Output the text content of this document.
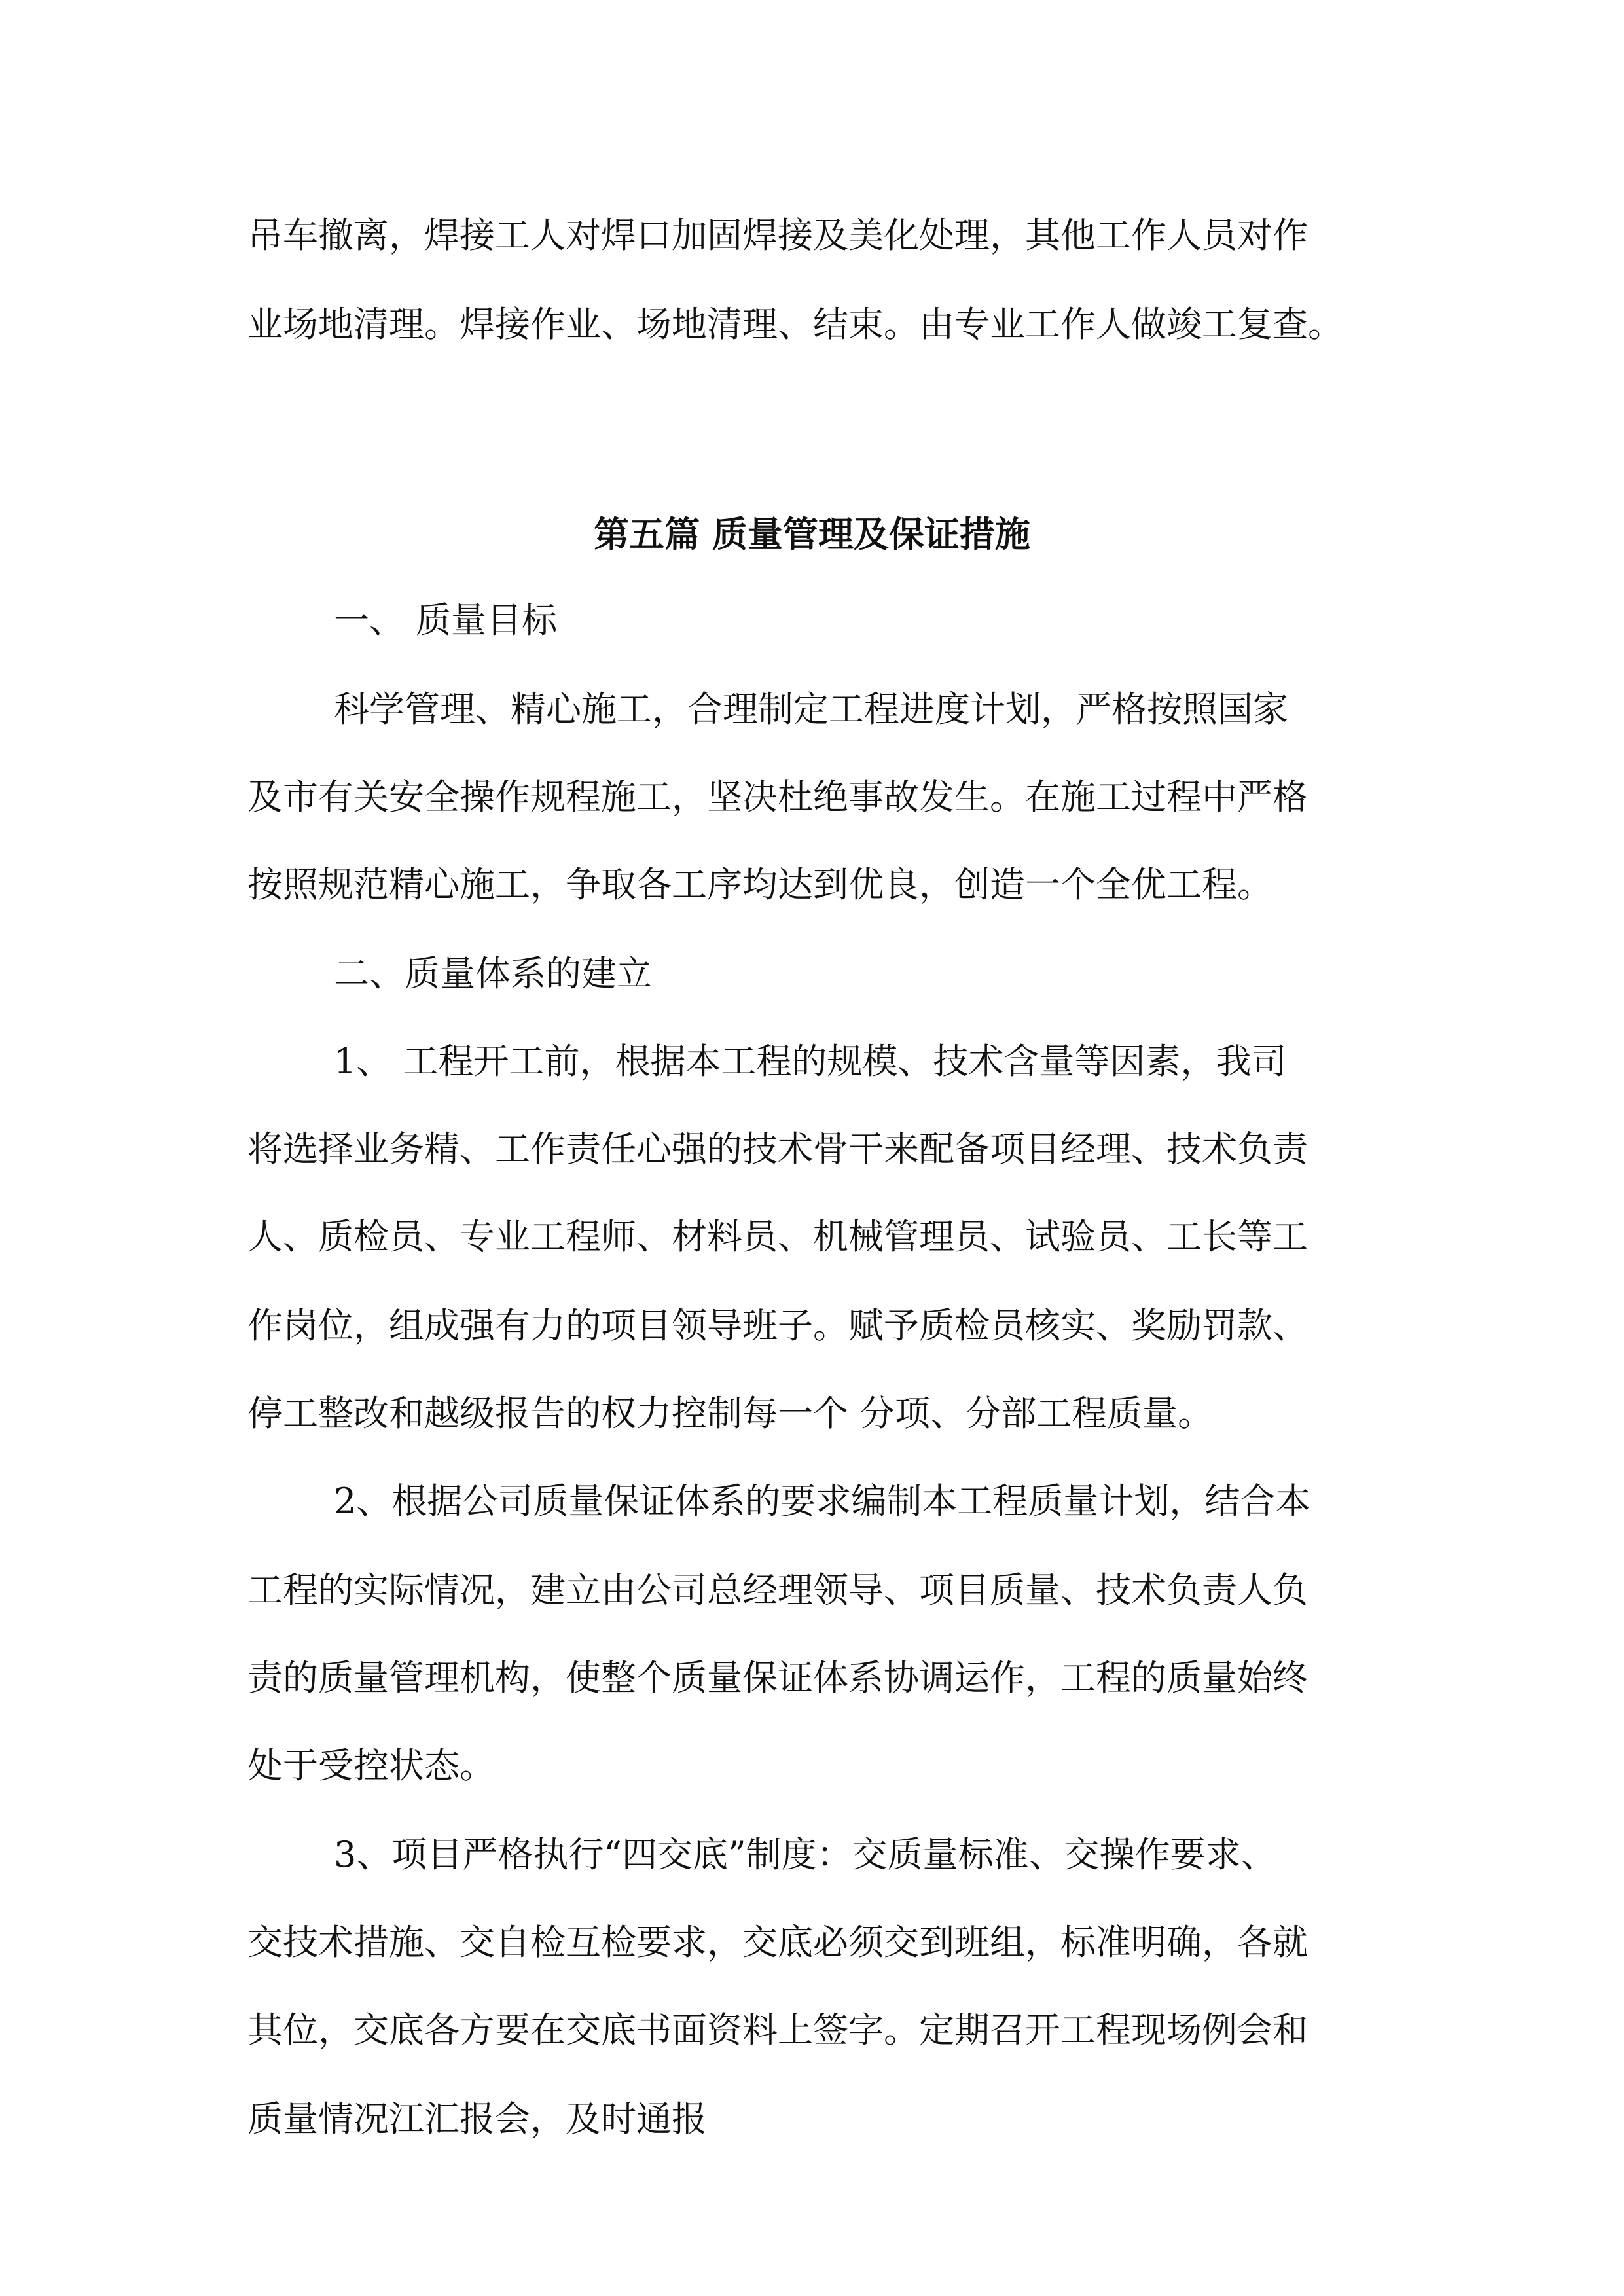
吊车撤离，焊接工人对焊口加固焊接及美化处理，其他工作人员对作
业场地清理。焊接作业、场地清理、结束。由专业工作人做竣工复查。
第五篇 质量管理及保证措施
一、 质量目标
科学管理、精心施工，合理制定工程进度计划，严格按照国家
及市有关安全操作规程施工，坚决杜绝事故发生。在施工过程中严格
按照规范精心施工，争取各工序均达到优良，创造一个全优工程。
二、质量体系的建立
1、 工程开工前，根据本工程的规模、技术含量等因素，我司
将选择业务精、工作责任心强的技术骨干来配备项目经理、技术负责
人、质检员、专业工程师、材料员、机械管理员、试验员、工长等工
作岗位，组成强有力的项目领导班子。赋予质检员核实、奖励罚款、
停工整改和越级报告的权力控制每一个 分项、分部工程质量。
2、根据公司质量保证体系的要求编制本工程质量计划，结合本
工程的实际情况，建立由公司总经理领导、项目质量、技术负责人负
责的质量管理机构，使整个质量保证体系协调运作，工程的质量始终
处于受控状态。
3、项目严格执行“四交底”制度：交质量标准、交操作要求、
交技术措施、交自检互检要求，交底必须交到班组，标准明确，各就
其位，交底各方要在交底书面资料上签字。定期召开工程现场例会和
质量情况江汇报会，及时通报
